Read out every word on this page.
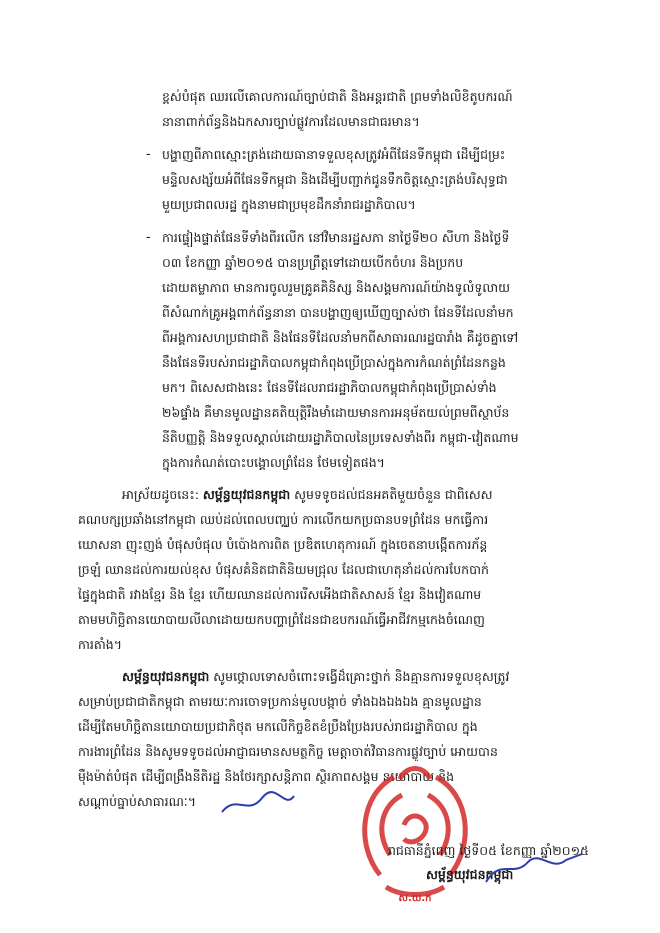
ខ្ពស់បំផុត ឈរលើគោលការណ៍ច្បាប់ជាតិ និងអន្តរជាតិ ព្រមទាំងលិខិតូបករណ៍
នានាពាក់ព័ន្ធនិងឯកសារច្បាប់ផ្លូវការដែលមានជាធរមាន។
- បង្ហាញពីភាពស្មោះត្រង់ដោយធានាទទួលខុសត្រូវអំពីផែនទីកម្ពុជា ដើម្បីជម្រះ
មន្ទិលសង្ស័យអំពីផែនទីកម្ពុជា និងដើម្បីបញ្ជាក់ជូនទឹកចិត្តស្មោះត្រង់បរិសុទ្ធជា
មួយប្រជាពលរដ្ឋ ក្នុងនាមជាប្រមុខដឹកនាំរាជរដ្ឋាភិបាល។
- ការផ្ទៀងផ្ទាត់ផែនទីទាំងពីរលើក នៅវិមានរដ្ឋសភា នាថ្ងៃទី២០ សីហា និងថ្ងៃទី
០៣ ខែកញ្ញា ឆ្នាំ២០១៥ បានប្រព្រឹត្តទៅដោយបើកចំហរ និងប្រកប
ដោយតម្លាភាព មានការចូលរួមគ្រូគគិនិស្ស និងសង្គមការណ៍យ៉ាងទូលំទូលាយ
ពីសំណាក់គ្រូអង្គពាក់ព័ន្ធនានា បានបង្ហាញឲ្យឃើញច្បាស់ថា ផែនទីដែលនាំមក
ពីអង្គការសហប្រជាជាតិ និងផែនទីដែលនាំមកពីសាធារណរដ្ឋបារាំង គឺដូចគ្នាទៅ
នឹងផែនទីរបស់រាជរដ្ឋាភិបាលកម្ពុជាកំពុងប្រើប្រាស់ក្នុងការកំណត់ព្រំដែនកន្លង
មក។ ពិសេសជាងនេះ ផែនទីដែលរាជរដ្ឋាភិបាលកម្ពុជាកំពុងប្រើប្រាស់ទាំង
២៦ផ្ទាំង គឺមានមូលដ្ឋានគតិយុត្តិរឹងមាំដោយមានការអនុម័តយល់ព្រមពីស្ថាប័ន
នីតិបញ្ញត្តិ និងទទួលស្គាល់ដោយរដ្ឋាភិបាលនៃប្រទេសទាំងពីរ កម្ពុជា-វៀតណាម
ក្នុងការកំណត់បោះបង្គោលព្រំដែន ថែមទៀតផង។
អាស្រ័យដូចនេះ: សម្ព័ន្ធយុវជនកម្ពុជា សូមទទូចដល់ជនអគតិមួយចំនួន ជាពិសេស
គណបក្សប្រឆាំងនៅកម្ពុជា ឈប់ដល់ពេលបញ្ឈប់ ការលើកយកប្រធានបទព្រំដែន មកធ្វើការ
ឃោសនា ញុះញង់ បំផុសបំផុល បំប៉ោងការពិត ប្រឌិតហេតុការណ៍ ក្នុងចេតនាបង្កើតការភ័ន្ត
ច្រឡំ ឈានដល់ការយល់ខុស បំផុសគំនិតជាតិនិយមជ្រុល ដែលជាហេតុនាំដល់ការបែកបាក់
ផ្ទៃក្នុងជាតិ រវាងខ្មែរ និង ខ្មែរ ហើយឈានដល់ការរើសអើងជាតិសាសន៍ ខ្មែរ និងវៀតណាម
តាមមហិច្ឆិតានយោបាយលីលាដោយយកបញ្ហាព្រំដែនជាឧបករណ៍ធ្វើអាជីវកម្មកេងចំណេញ
ការតាំង។
សម្ព័ន្ធយុវជនកម្ពុជា សូមថ្កោលទោសចំពោះទង្វើដ៏គ្រោះថ្នាក់ និងគ្មានការទទួលខុសត្រូវ
សម្រាប់ប្រជាជាតិកម្ពុជា តាមរយៈការចោទប្រកាន់មូលបង្កាច់ ទាំងឯងឯងឯង គ្មានមូលដ្ឋាន
ដើម្បីតែមហិច្ឆិតានយោបាយប្រជាភិថុត មកលើកិច្ចខិតខំប្រឹងប្រែងរបស់រាជរដ្ឋាភិបាល ក្នុង
ការងារព្រំដែន និងសូមទទូចដល់អាជ្ញាធរមានសមត្ថកិច្ច មេត្តាចាត់វិធានការផ្លូវច្បាប់ អោយបាន
ម៉ឺងម៉ាត់បំផុត ដើម្បីពង្រឹងនីតិរដ្ឋ និងថែរក្សាសន្តិភាព ស្ថិរភាពសង្គម នយោបាយ និង
សណ្តាប់ធ្នាប់សាធារណៈ។
ស.យ.ក
រាជធានីភ្នំពេញ ថ្ងៃទី០៥ ខែកញ្ញា ឆ្នាំ២០១៥
សម្ព័ន្ធយុវជនកម្ពុជា
